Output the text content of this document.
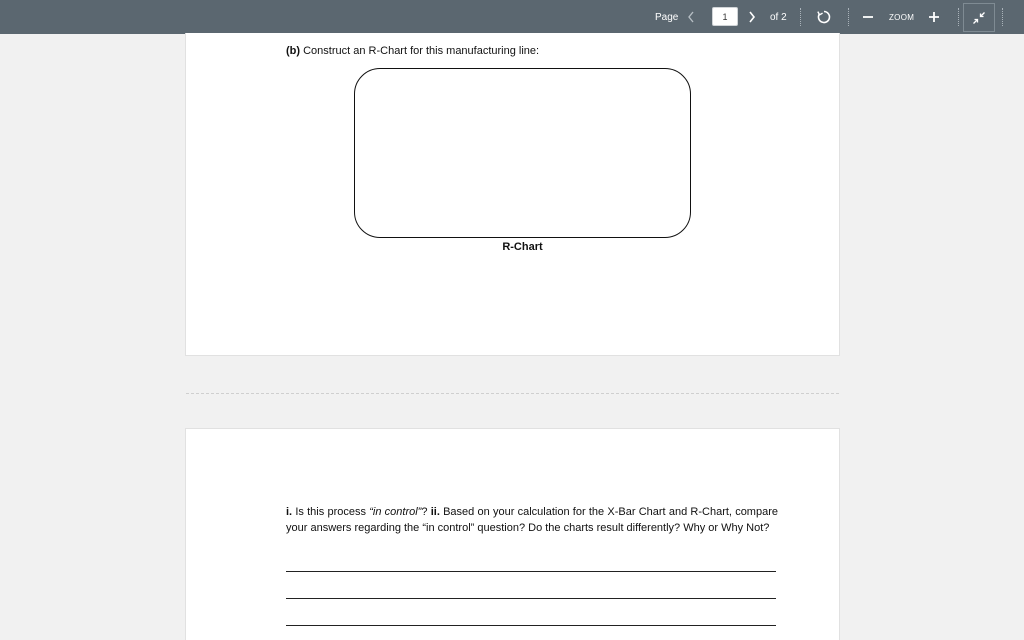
Page
1	of 2	ZOOM
(b) Construct an R-Chart for this manufacturing line:
R-Chart
i. Is this process “in control”? ii. Based on your calculation for the X-Bar Chart and R-Chart, compare your answers regarding the “in control” question? Do the charts result differently? Why or Why Not?
